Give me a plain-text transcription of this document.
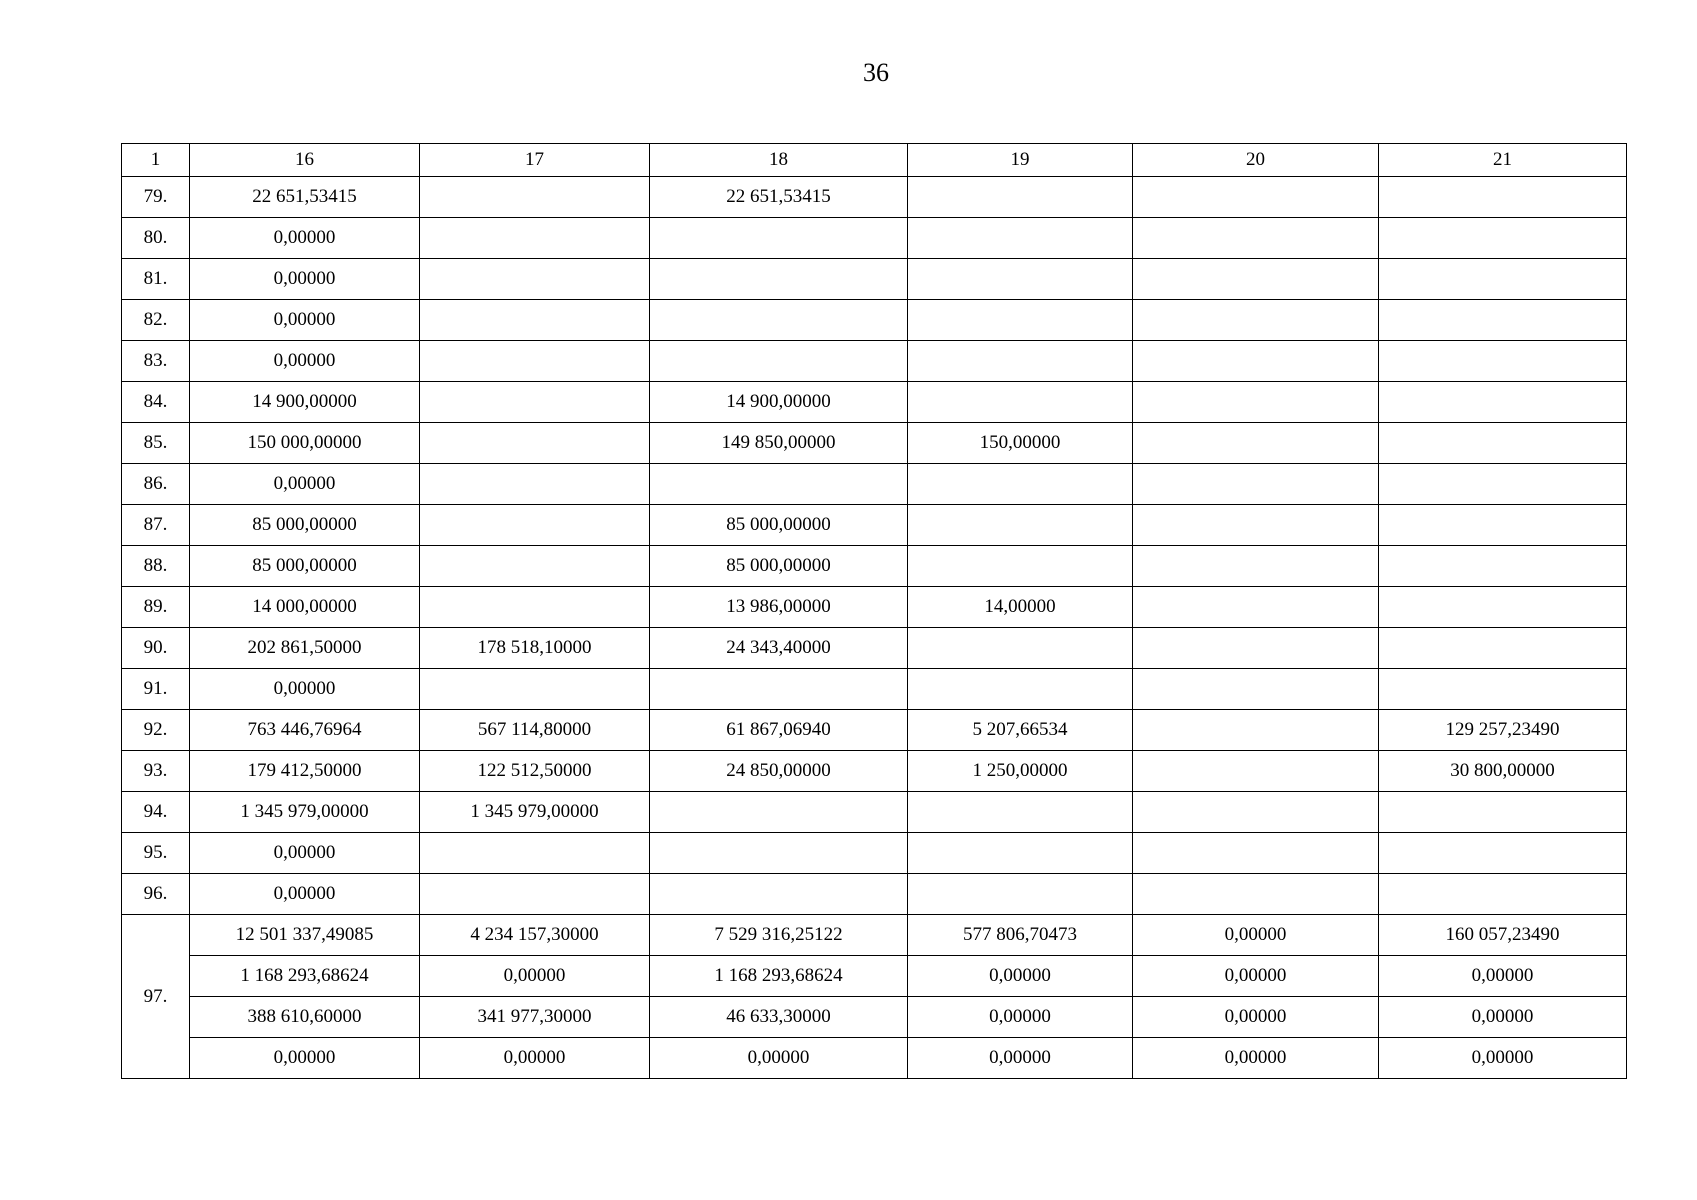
36
1	16	17	18	19	20	21
79.	22 651,53415		22 651,53415			
80.	0,00000					
81.	0,00000					
82.	0,00000					
83.	0,00000					
84.	14 900,00000		14 900,00000			
85.	150 000,00000		149 850,00000	150,00000		
86.	0,00000					
87.	85 000,00000		85 000,00000			
88.	85 000,00000		85 000,00000			
89.	14 000,00000		13 986,00000	14,00000		
90.	202 861,50000	178 518,10000	24 343,40000			
91.	0,00000					
92.	763 446,76964	567 114,80000	61 867,06940	5 207,66534		129 257,23490
93.	179 412,50000	122 512,50000	24 850,00000	1 250,00000		30 800,00000
94.	1 345 979,00000	1 345 979,00000				
95.	0,00000					
96.	0,00000					
97.	12 501 337,49085	4 234 157,30000	7 529 316,25122	577 806,70473	0,00000	160 057,23490
	1 168 293,68624	0,00000	1 168 293,68624	0,00000	0,00000	0,00000
	388 610,60000	341 977,30000	46 633,30000	0,00000	0,00000	0,00000
	0,00000	0,00000	0,00000	0,00000	0,00000	0,00000
